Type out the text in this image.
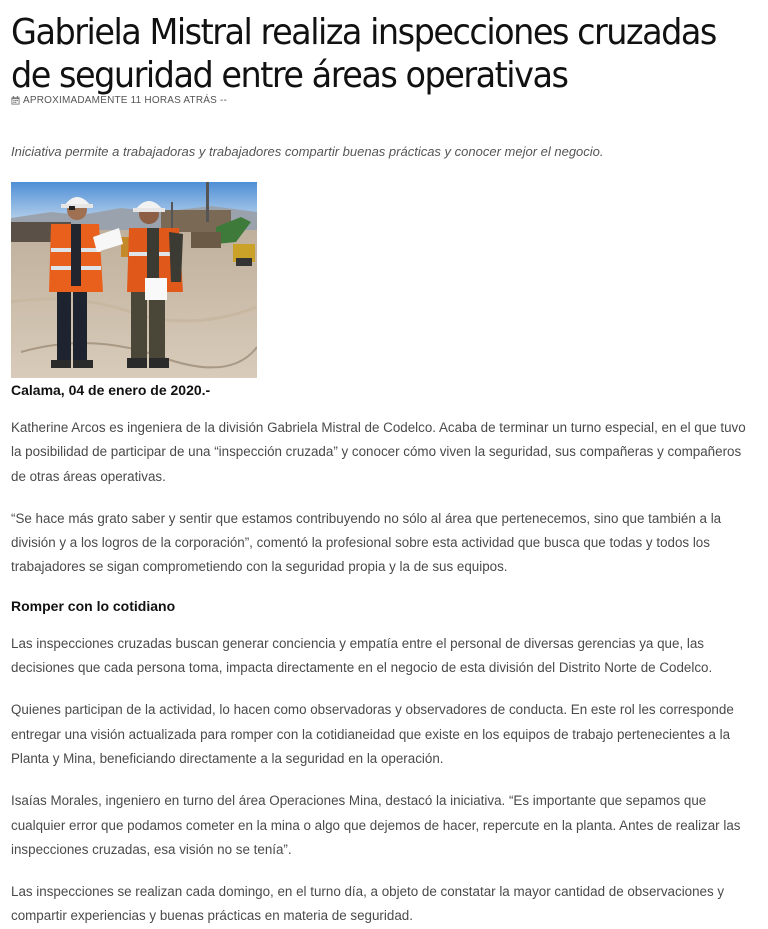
Gabriela Mistral realiza inspecciones cruzadas de seguridad entre áreas operativas
APROXIMADAMENTE 11 HORAS ATRÁS --
Iniciativa permite a trabajadoras y trabajadores compartir buenas prácticas y conocer mejor el negocio.
Calama, 04 de enero de 2020.-

Katherine Arcos es ingeniera de la división Gabriela Mistral de Codelco. Acaba de terminar un turno especial, en el que tuvo la posibilidad de participar de una “inspección cruzada” y conocer cómo viven la seguridad, sus compañeras y compañeros de otras áreas operativas.

“Se hace más grato saber y sentir que estamos contribuyendo no sólo al área que pertenecemos, sino que también a la división y a los logros de la corporación”, comentó la profesional sobre esta actividad que busca que todas y todos los trabajadores se sigan comprometiendo con la seguridad propia y la de sus equipos.

Romper con lo cotidiano

Las inspecciones cruzadas buscan generar conciencia y empatía entre el personal de diversas gerencias ya que, las decisiones que cada persona toma, impacta directamente en el negocio de esta división del Distrito Norte de Codelco.

Quienes participan de la actividad, lo hacen como observadoras y observadores de conducta. En este rol les corresponde entregar una visión actualizada para romper con la cotidianeidad que existe en los equipos de trabajo pertenecientes a la Planta y Mina, beneficiando directamente a la seguridad en la operación.

Isaías Morales, ingeniero en turno del área Operaciones Mina, destacó la iniciativa. “Es importante que sepamos que cualquier error que podamos cometer en la mina o algo que dejemos de hacer, repercute en la planta. Antes de realizar las inspecciones cruzadas, esa visión no se tenía”.

Las inspecciones se realizan cada domingo, en el turno día, a objeto de constatar la mayor cantidad de observaciones y compartir experiencias y buenas prácticas en materia de seguridad.
